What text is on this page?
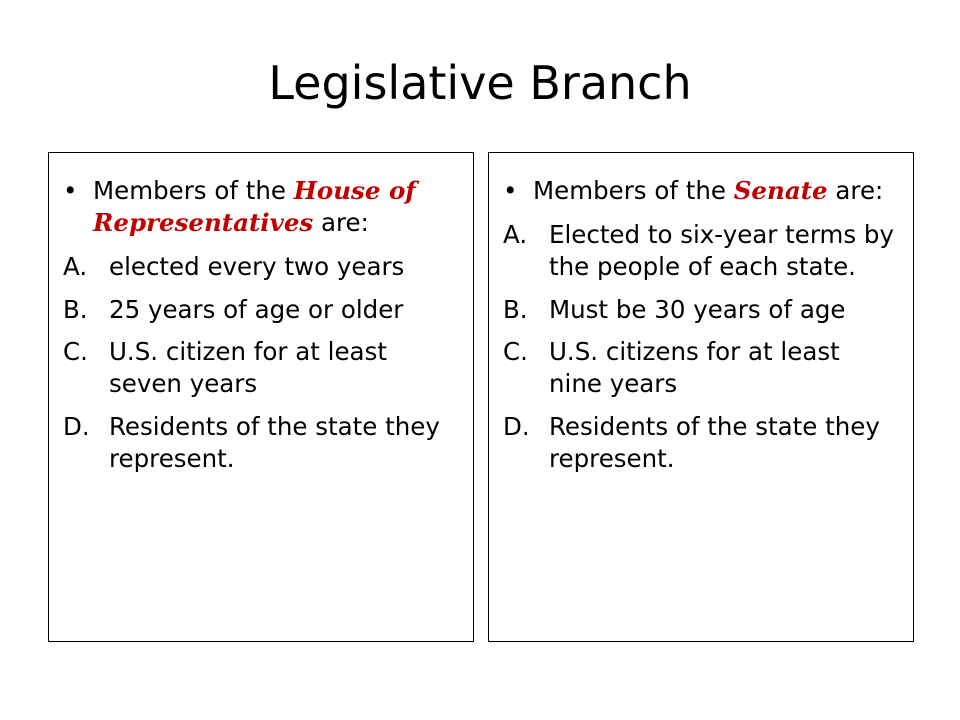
Legislative Branch
• Members of the House of Representatives are:
A. elected every two years
B. 25 years of age or older
C. U.S. citizen for at least seven years
D. Residents of the state they represent.
• Members of the Senate are:
A. Elected to six-year terms by the people of each state.
B. Must be 30 years of age
C. U.S. citizens for at least nine years
D. Residents of the state they represent.
